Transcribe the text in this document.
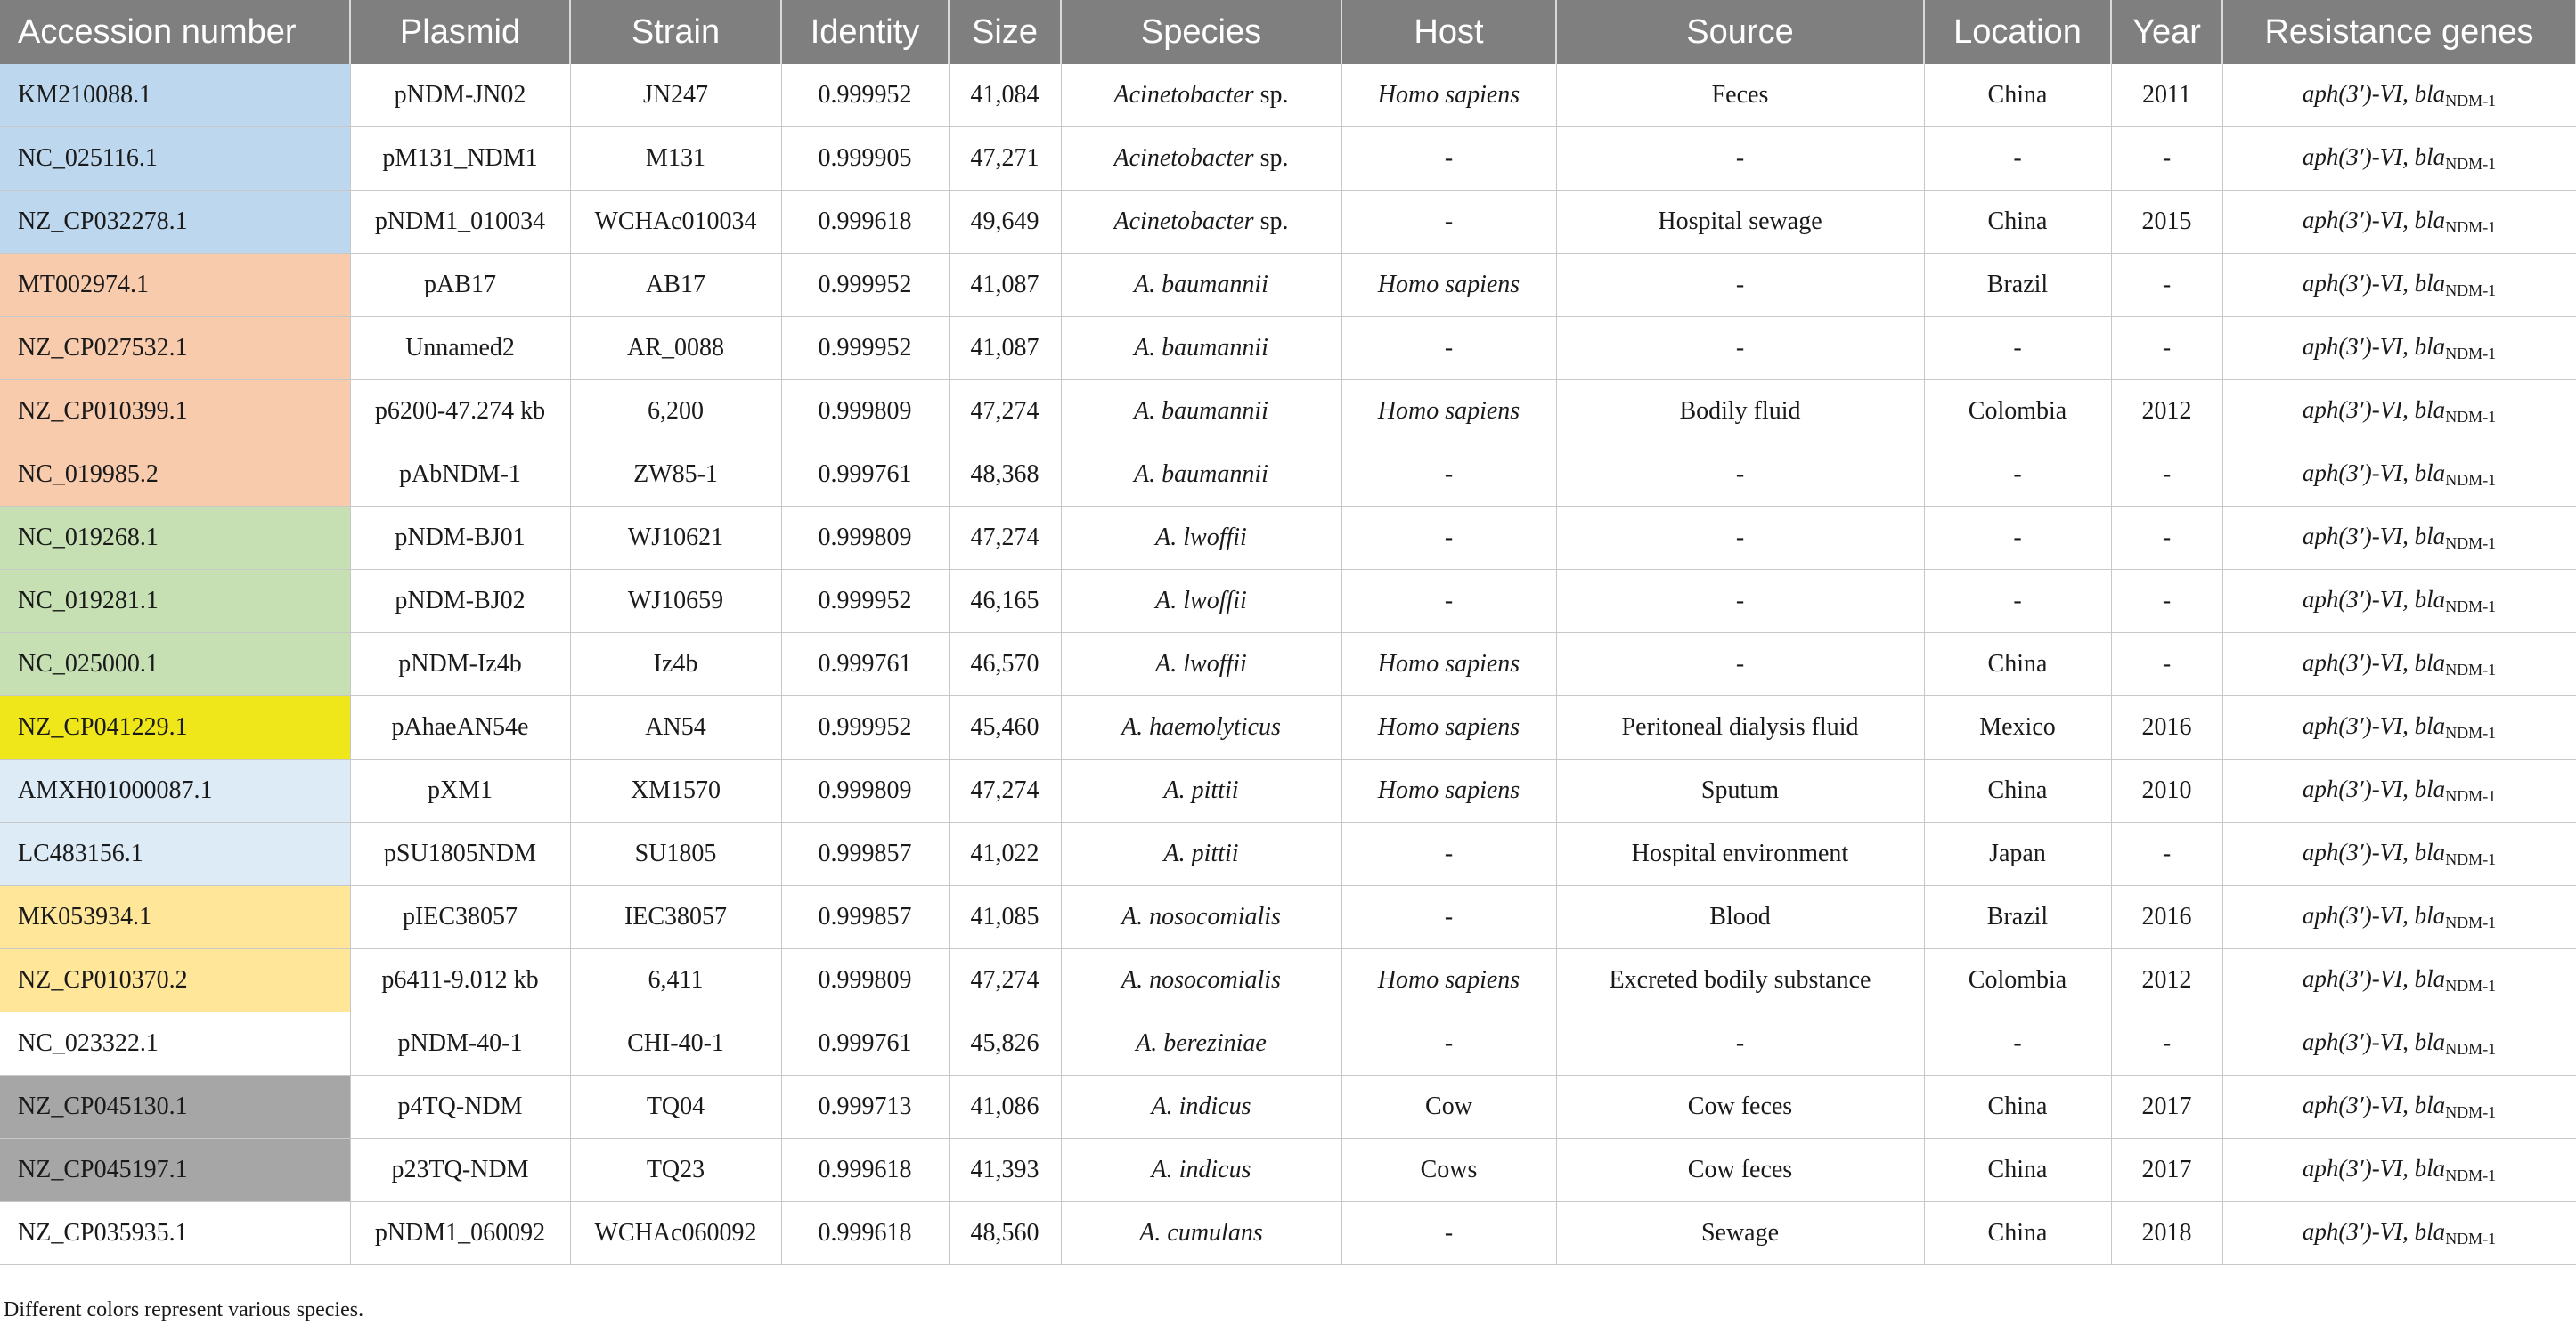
Accession number	Plasmid	Strain	Identity	Size	Species	Host	Source	Location	Year	Resistance genes
KM210088.1	pNDM-JN02	JN247	0.999952	41,084	Acinetobacter sp.	Homo sapiens	Feces	China	2011	aph(3′)-VI, bla$_{NDM-1}$
NC_025116.1	pM131_NDM1	M131	0.999905	47,271	Acinetobacter sp.	-	-	-	-	aph(3′)-VI, bla$_{NDM-1}$
NZ_CP032278.1	pNDM1_010034	WCHAc010034	0.999618	49,649	Acinetobacter sp.	-	Hospital sewage	China	2015	aph(3′)-VI, bla$_{NDM-1}$
MT002974.1	pAB17	AB17	0.999952	41,087	A. baumannii	Homo sapiens	-	Brazil	-	aph(3′)-VI, bla$_{NDM-1}$
NZ_CP027532.1	Unnamed2	AR_0088	0.999952	41,087	A. baumannii	-	-	-	-	aph(3′)-VI, bla$_{NDM-1}$
NZ_CP010399.1	p6200-47.274 kb	6,200	0.999809	47,274	A. baumannii	Homo sapiens	Bodily fluid	Colombia	2012	aph(3′)-VI, bla$_{NDM-1}$
NC_019985.2	pAbNDM-1	ZW85-1	0.999761	48,368	A. baumannii	-	-	-	-	aph(3′)-VI, bla$_{NDM-1}$
NC_019268.1	pNDM-BJ01	WJ10621	0.999809	47,274	A. lwoffii	-	-	-	-	aph(3′)-VI, bla$_{NDM-1}$
NC_019281.1	pNDM-BJ02	WJ10659	0.999952	46,165	A. lwoffii	-	-	-	-	aph(3′)-VI, bla$_{NDM-1}$
NC_025000.1	pNDM-Iz4b	Iz4b	0.999761	46,570	A. lwoffii	Homo sapiens	-	China	-	aph(3′)-VI, bla$_{NDM-1}$
NZ_CP041229.1	pAhaeAN54e	AN54	0.999952	45,460	A. haemolyticus	Homo sapiens	Peritoneal dialysis fluid	Mexico	2016	aph(3′)-VI, bla$_{NDM-1}$
AMXH01000087.1	pXM1	XM1570	0.999809	47,274	A. pittii	Homo sapiens	Sputum	China	2010	aph(3′)-VI, bla$_{NDM-1}$
LC483156.1	pSU1805NDM	SU1805	0.999857	41,022	A. pittii	-	Hospital environment	Japan	-	aph(3′)-VI, bla$_{NDM-1}$
MK053934.1	pIEC38057	IEC38057	0.999857	41,085	A. nosocomialis	-	Blood	Brazil	2016	aph(3′)-VI, bla$_{NDM-1}$
NZ_CP010370.2	p6411-9.012 kb	6,411	0.999809	47,274	A. nosocomialis	Homo sapiens	Excreted bodily substance	Colombia	2012	aph(3′)-VI, bla$_{NDM-1}$
NC_023322.1	pNDM-40-1	CHI-40-1	0.999761	45,826	A. bereziniae	-	-	-	-	aph(3′)-VI, bla$_{NDM-1}$
NZ_CP045130.1	p4TQ-NDM	TQ04	0.999713	41,086	A. indicus	Cow	Cow feces	China	2017	aph(3′)-VI, bla$_{NDM-1}$
NZ_CP045197.1	p23TQ-NDM	TQ23	0.999618	41,393	A. indicus	Cows	Cow feces	China	2017	aph(3′)-VI, bla$_{NDM-1}$
NZ_CP035935.1	pNDM1_060092	WCHAc060092	0.999618	48,560	A. cumulans	-	Sewage	China	2018	aph(3′)-VI, bla$_{NDM-1}$
Different colors represent various species.
